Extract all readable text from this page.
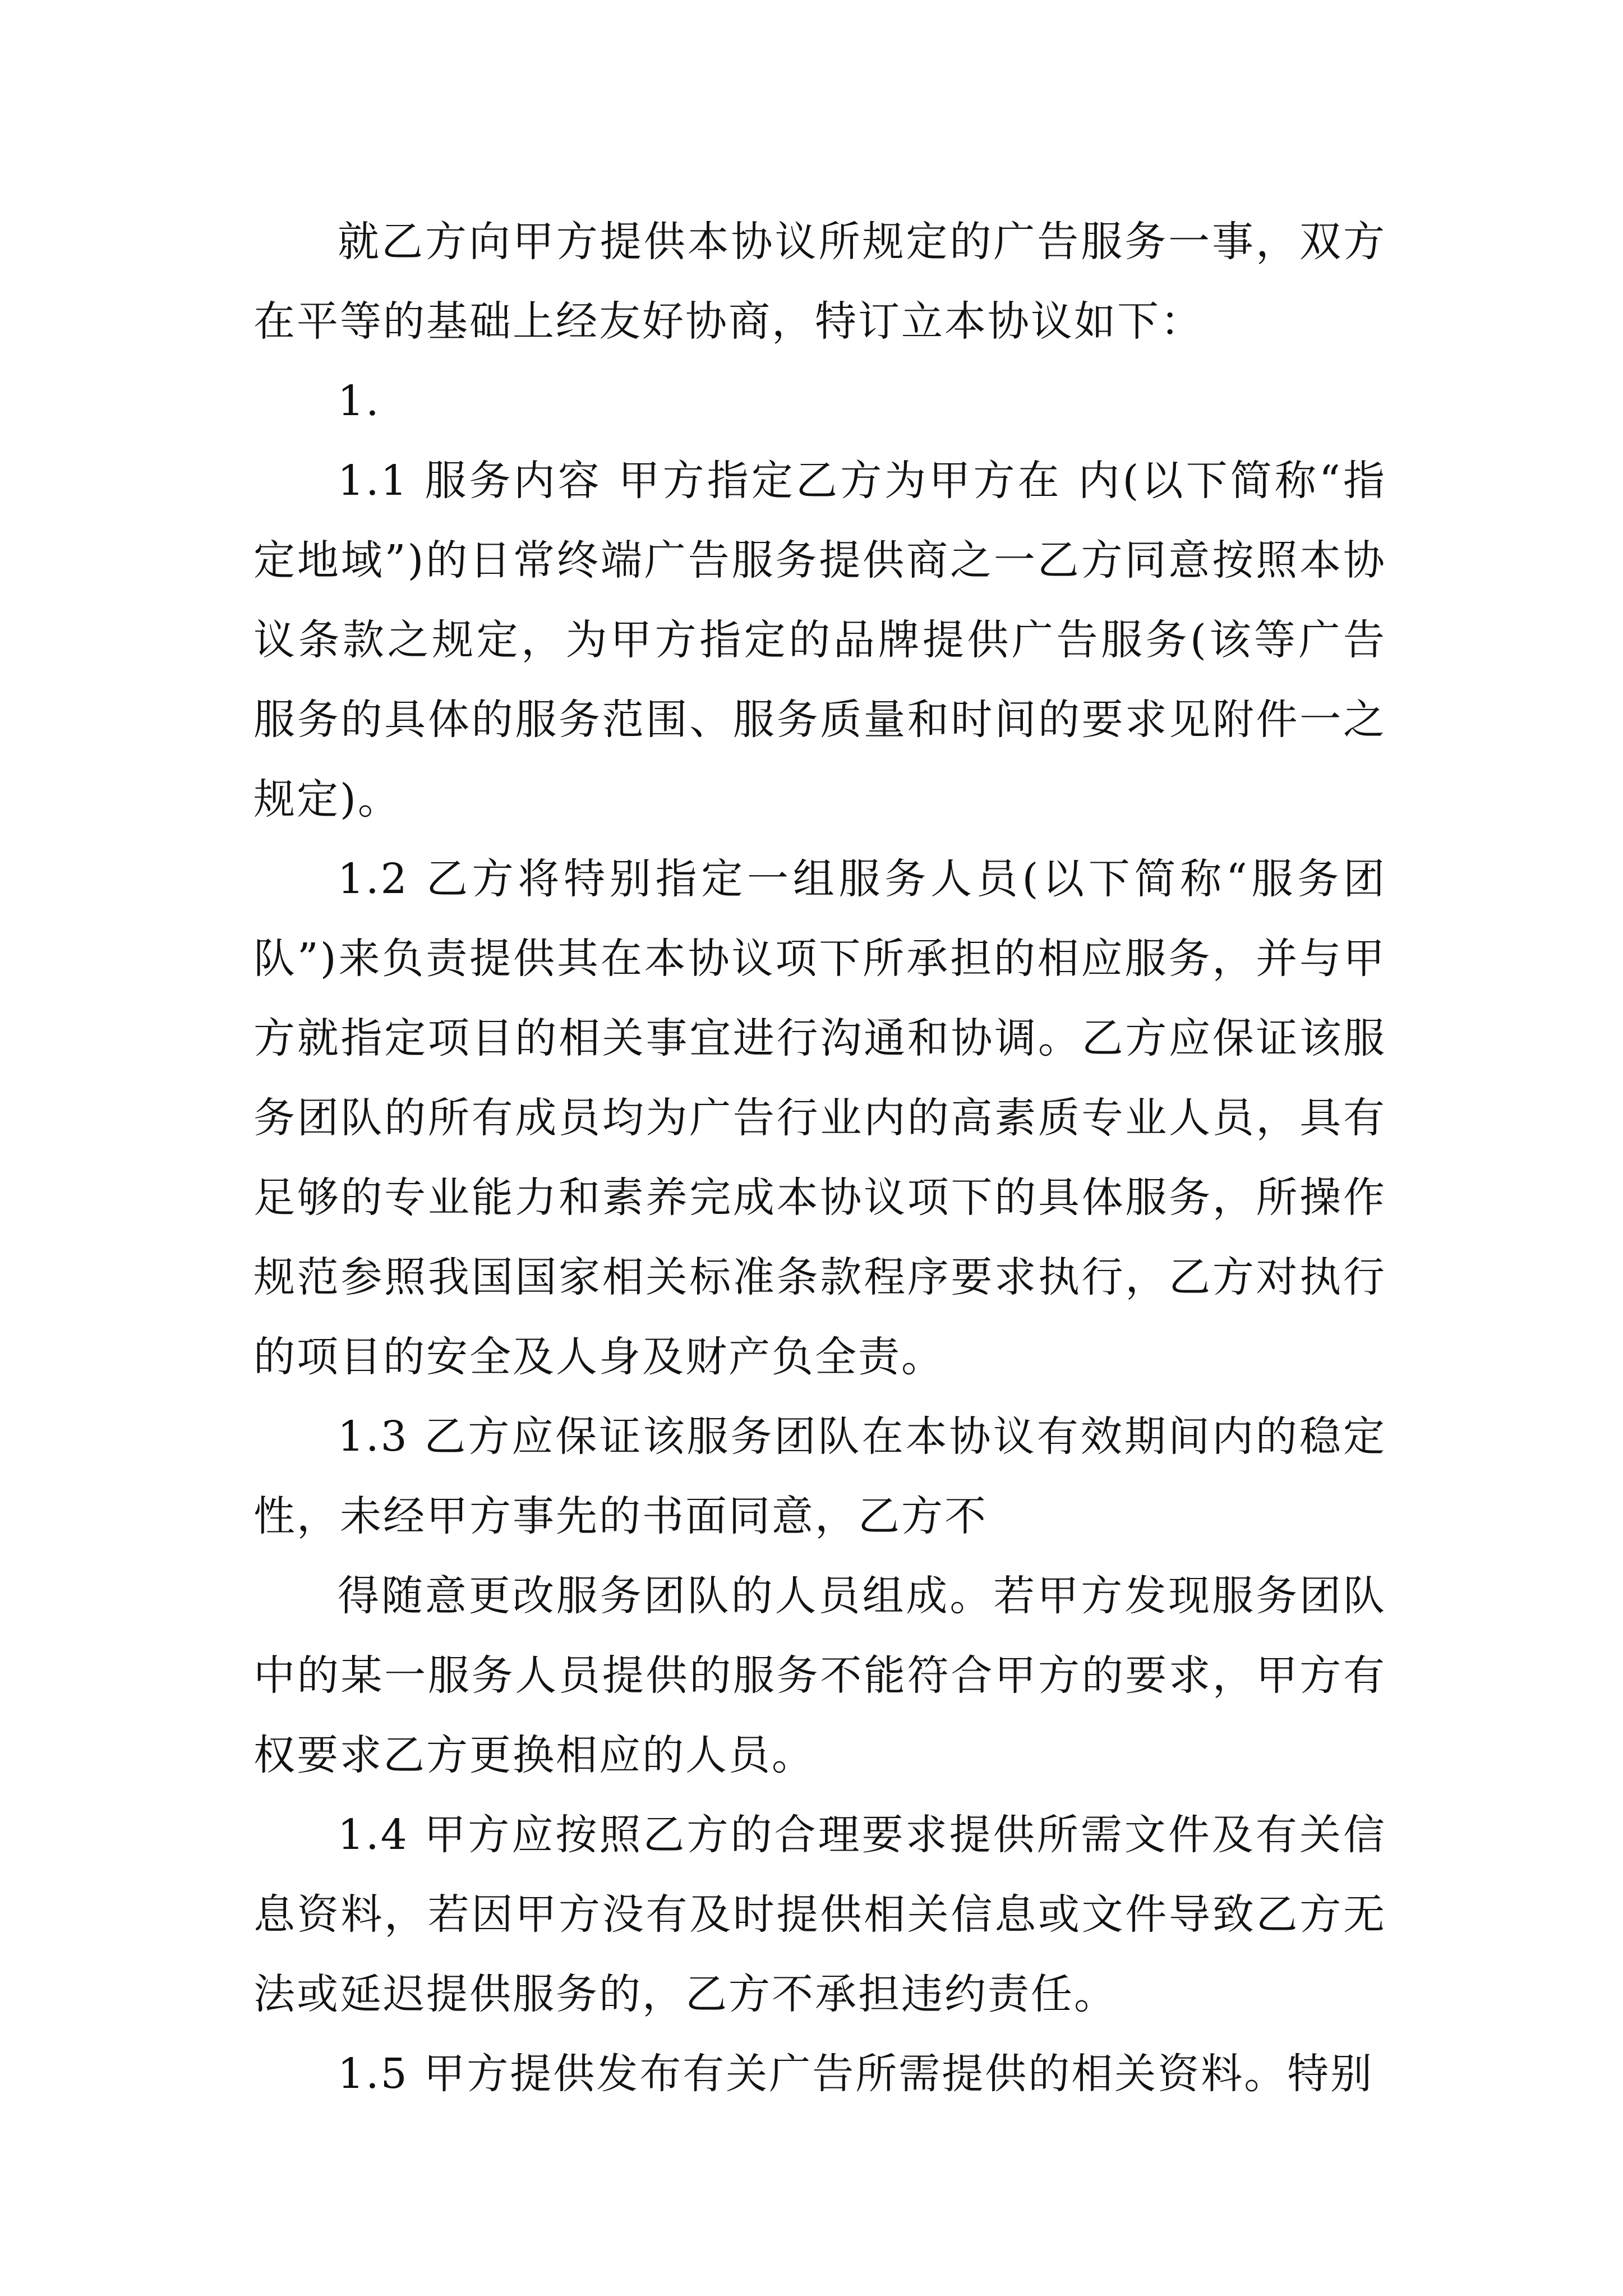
就乙方向甲方提供本协议所规定的广告服务一事，双方在平等的基础上经友好协商，特订立本协议如下：

1.

1.1 服务内容 甲方指定乙方为甲方在 内(以下简称“指定地域”)的日常终端广告服务提供商之一乙方同意按照本协议条款之规定，为甲方指定的品牌提供广告服务(该等广告服务的具体的服务范围、服务质量和时间的要求见附件一之规定)。

1.2 乙方将特别指定一组服务人员(以下简称“服务团队”)来负责提供其在本协议项下所承担的相应服务，并与甲方就指定项目的相关事宜进行沟通和协调。乙方应保证该服务团队的所有成员均为广告行业内的高素质专业人员，具有足够的专业能力和素养完成本协议项下的具体服务，所操作规范参照我国国家相关标准条款程序要求执行，乙方对执行的项目的安全及人身及财产负全责。

1.3 乙方应保证该服务团队在本协议有效期间内的稳定性，未经甲方事先的书面同意，乙方不

得随意更改服务团队的人员组成。若甲方发现服务团队中的某一服务人员提供的服务不能符合甲方的要求，甲方有权要求乙方更换相应的人员。

1.4 甲方应按照乙方的合理要求提供所需文件及有关信息资料，若因甲方没有及时提供相关信息或文件导致乙方无法或延迟提供服务的，乙方不承担违约责任。

1.5 甲方提供发布有关广告所需提供的相关资料。特别
